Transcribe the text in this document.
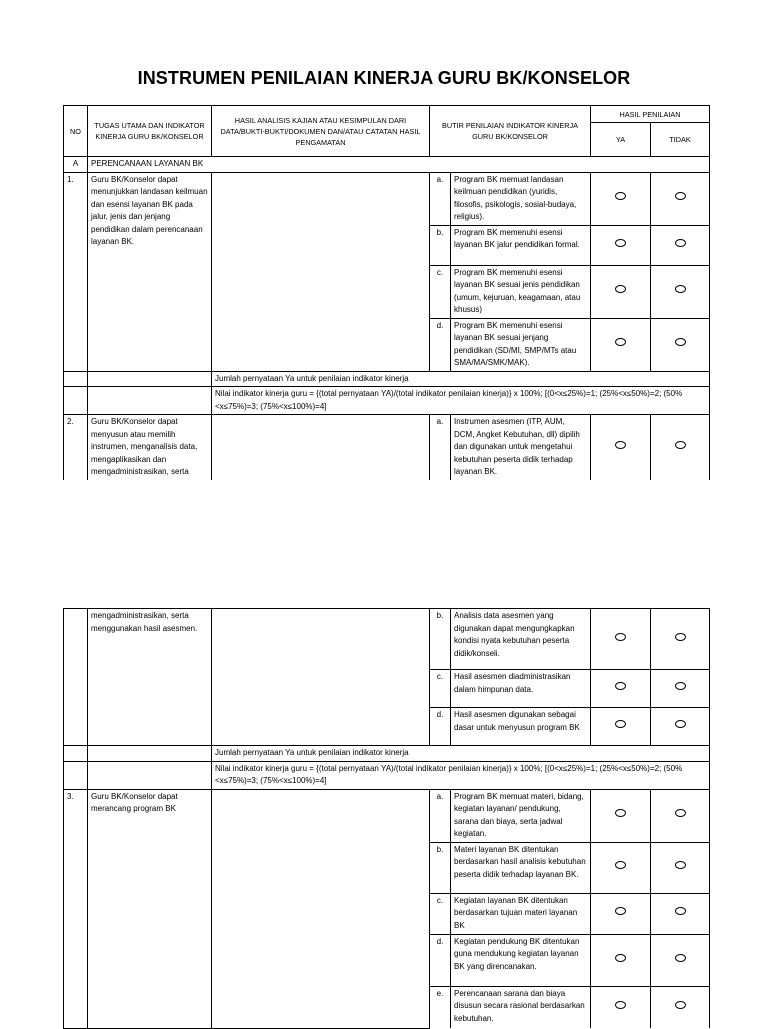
INSTRUMEN PENILAIAN KINERJA GURU BK/KONSELOR
NO	TUGAS UTAMA DAN INDIKATOR KINERJA GURU BK/KONSELOR	HASIL ANALISIS KAJIAN ATAU KESIMPULAN DARI DATA/BUKTI-BUKTI/DOKUMEN DAN/ATAU CATATAN HASIL PENGAMATAN	BUTIR PENILAIAN INDIKATOR KINERJA GURU BK/KONSELOR		HASIL PENILAIAN	
					YA	TIDAK
A	PERENCANAAN LAYANAN BK					
1.	Guru BK/Konselor dapat menunjukkan landasan keilmuan dan esensi layanan BK pada jalur, jenis dan jenjang pendidikan dalam perencanaan layanan BK.		a.	Program BK memuat landasan keilmuan pendidikan (yuridis, filosofis, psikologis, sosial-budaya, religius).		
			b.	Program BK memenuhi esensi layanan BK jalur pendidikan formal.		
			c.	Program BK memenuhi esensi layanan BK sesuai jenis pendidikan (umum, kejuruan, keagamaan, atau khusus)		
			d.	Program BK memenuhi esensi layanan BK sesuai jenjang pendidikan (SD/MI, SMP/MTs atau SMA/MA/SMK/MAK).		
		Jumlah pernyataan Ya untuk penilaian indikator kinerja				
		Nilai indikator kinerja guru = {(total pernyataan YA)/(total indikator penilaian kinerja)} x 100%; [(0<x≤25%)=1; (25%<x≤50%)=2; (50%<x≤75%)=3; (75%<x≤100%)=4]				
2.	Guru BK/Konselor dapat menyusun atau memilih instrumen, menganalisis data, mengaplikasikan dan mengadministrasikan, serta		a.	Instrumen asesmen (ITP, AUM, DCM, Angket Kebutuhan, dll) dipilih dan digunakan untuk mengetahui kebutuhan peserta didik terhadap layanan BK.		
	mengadministrasikan, serta menggunakan hasil asesmen.		b.	Analisis data asesmen yang digunakan dapat mengungkapkan kondisi nyata kebutuhan peserta didik/konseli.		
			c.	Hasil asesmen diadministrasikan dalam himpunan data.		
			d.	Hasil asesmen digunakan sebagai dasar untuk menyusun program BK		
		Jumlah pernyataan Ya untuk penilaian indikator kinerja				
		Nilai indikator kinerja guru = {(total pernyataan YA)/(total indikator penilaian kinerja)} x 100%; [(0<x≤25%)=1; (25%<x≤50%)=2; (50%<x≤75%)=3; (75%<x≤100%)=4]				
3.	Guru BK/Konselor dapat merancang program BK		a.	Program BK memuat materi, bidang, kegiatan layanan/ pendukung, sarana dan biaya, serta jadwal kegiatan.		
			b.	Materi layanan BK ditentukan berdasarkan hasil analisis kebutuhan peserta didik terhadap layanan BK.		
			c.	Kegiatan layanan BK ditentukan berdasarkan tujuan materi layanan BK		
			d.	Kegiatan pendukung BK ditentukan guna mendukung kegiatan layanan BK yang direncanakan.		
			e.	Perencanaan sarana dan biaya disusun secara rasional berdasarkan kebutuhan.		
